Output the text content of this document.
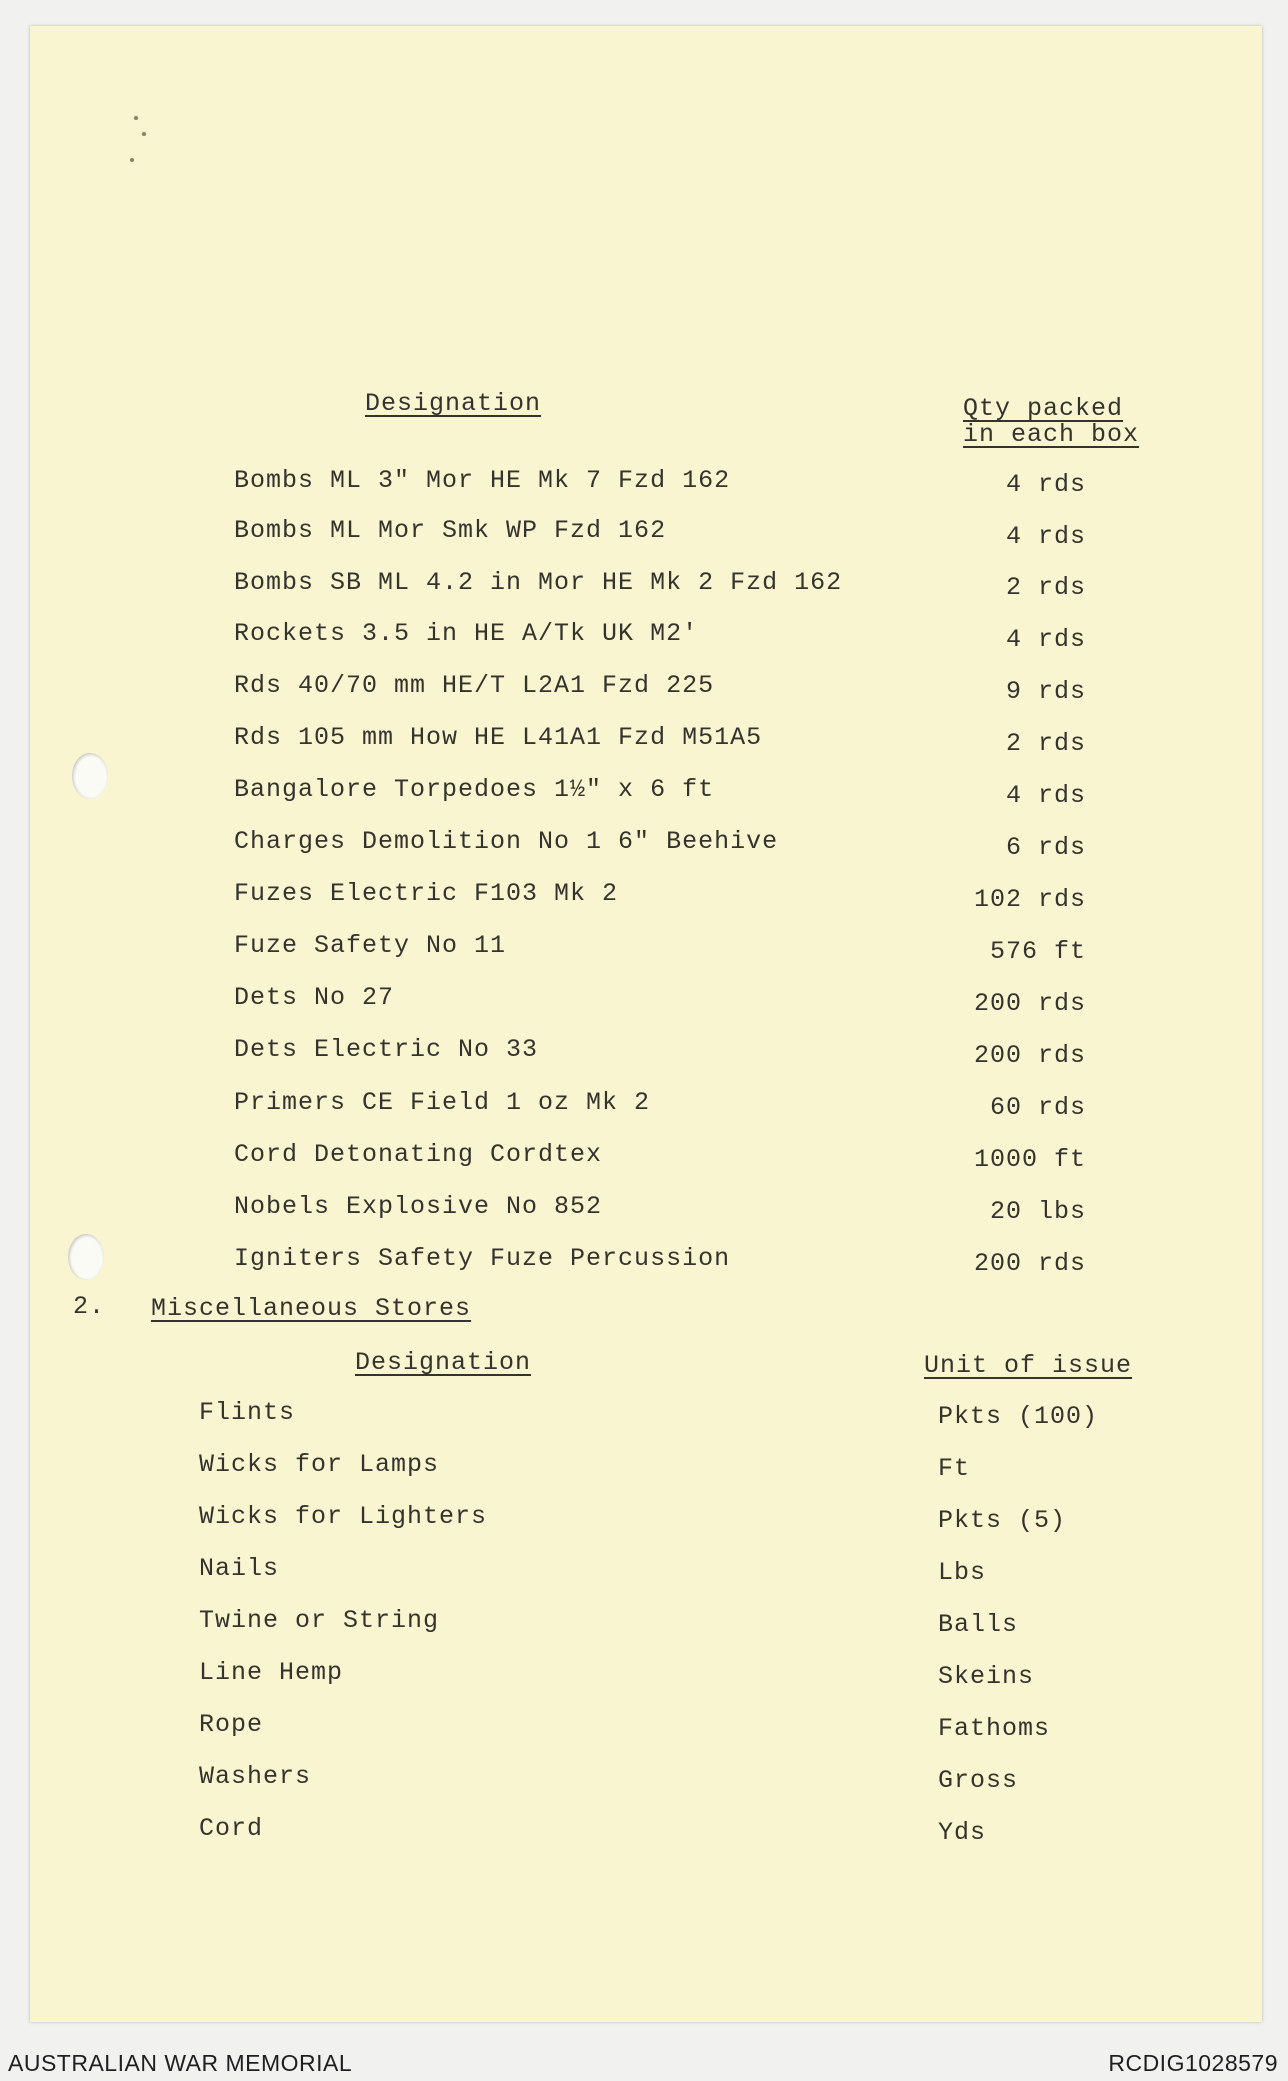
Designation	Qty packed
in each box
Bombs ML 3" Mor HE Mk 7 Fzd 162	4 rds
Bombs ML Mor Smk WP Fzd 162	4 rds
Bombs SB ML 4.2 in Mor HE Mk 2 Fzd 162	2 rds
Rockets 3.5 in HE A/Tk UK M2'	4 rds
Rds 40/70 mm HE/T L2A1 Fzd 225	9 rds
Rds 105 mm How HE L41A1 Fzd M51A5	2 rds
Bangalore Torpedoes 1½" x 6 ft	4 rds
Charges Demolition No 1 6" Beehive	6 rds
Fuzes Electric F103 Mk 2	102 rds
Fuze Safety No 11	576 ft
Dets No 27	200 rds
Dets Electric No 33	200 rds
Primers CE Field 1 oz Mk 2	60 rds
Cord Detonating Cordtex	1000 ft
Nobels Explosive No 852	20 lbs
Igniters Safety Fuze Percussion	200 rds
2. Miscellaneous Stores
Designation	Unit of issue
Flints	Pkts (100)
Wicks for Lamps	Ft
Wicks for Lighters	Pkts (5)
Nails	Lbs
Twine or String	Balls
Line Hemp	Skeins
Rope	Fathoms
Washers	Gross
Cord	Yds
AUSTRALIAN WAR MEMORIAL	RCDIG1028579
